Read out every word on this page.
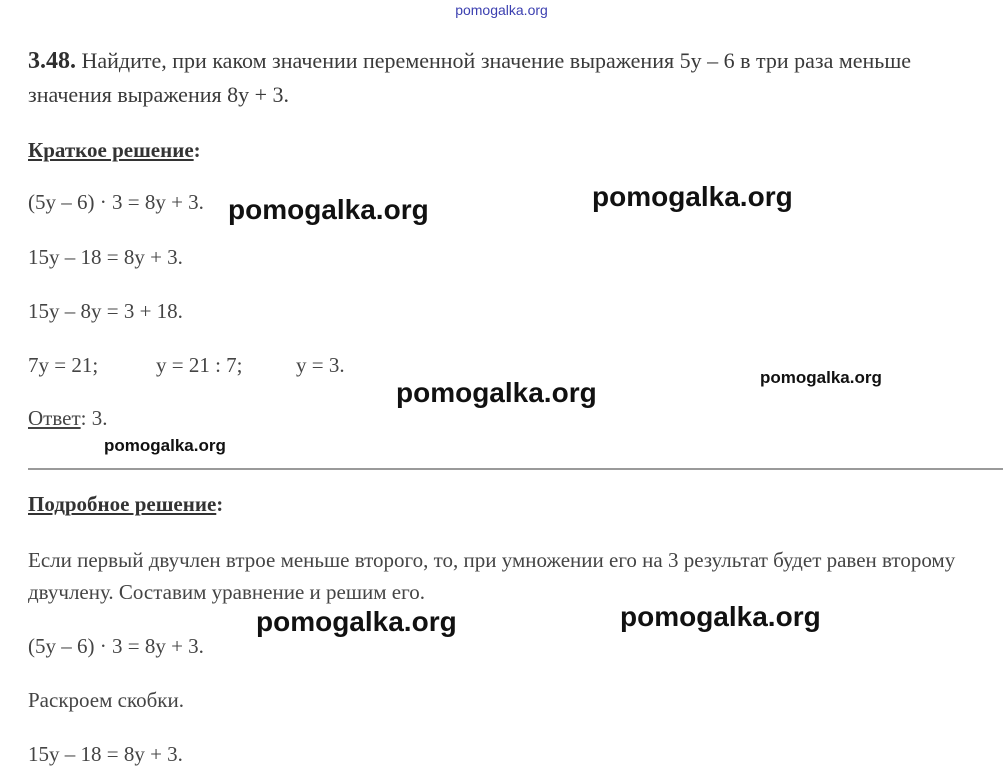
pomogalka.org
3.48. Найдите, при каком значении переменной значение выражения 5y – 6 в три раза меньше значения выражения 8y + 3.
Краткое решение:
(5y – 6) · 3 = 8y + 3.
15y – 18 = 8y + 3.
15y – 8y = 3 + 18.
7y = 21;	y = 21 : 7;	y = 3.
Ответ: 3.
Подробное решение:
Если первый двучлен втрое меньше второго, то, при умножении его на 3 результат будет равен второму двучлену. Составим уравнение и решим его.
(5y – 6) · 3 = 8y + 3.
Раскроем скобки.
15y – 18 = 8y + 3.
pomogalka.org	pomogalka.org
pomogalka.org	pomogalka.org
pomogalka.org
pomogalka.org	pomogalka.org
